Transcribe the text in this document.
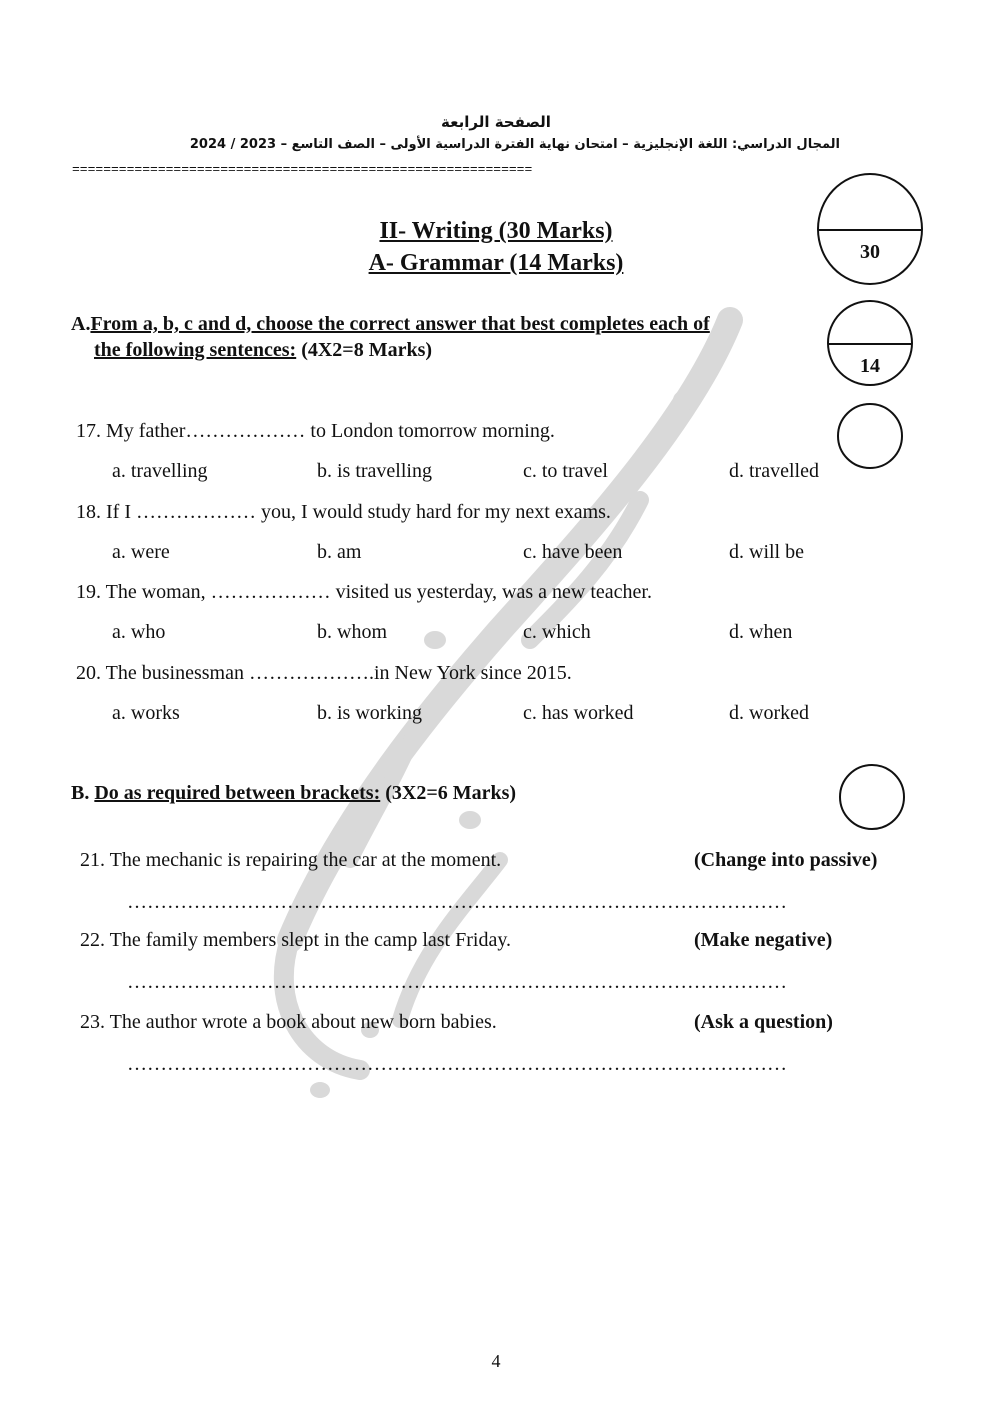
الصفحة الرابعة
المجال الدراسي: اللغة الإنجليزية – امتحان نهاية الفترة الدراسية الأولى – الصف التاسع – 2023 / 2024
===========================================================
30
14
II- Writing (30 Marks)
A- Grammar (14 Marks)
A.From a, b, c and d, choose the correct answer that best completes each of
the following sentences: (4X2=8 Marks)
17. My father……………… to London tomorrow morning.
a. travelling	b. is travelling	c. to travel	d. travelled
18. If I ……………… you, I would study hard for my next exams.
a. were	b. am	c. have been	d. will be
19. The woman, ……………… visited us yesterday, was a new teacher.
a. who	b. whom	c. which	d. when
20. The businessman ……………….in New York since 2015.
a. works	b. is working	c. has worked	d. worked
B. Do as required between brackets: (3X2=6 Marks)
21. The mechanic is repairing the car at the moment.	(Change into passive)
………………………………………………………………………………………
22. The family members slept in the camp last Friday.	(Make negative)
………………………………………………………………………………………
23. The author wrote a book about new born babies.	(Ask a question)
………………………………………………………………………………………
4
